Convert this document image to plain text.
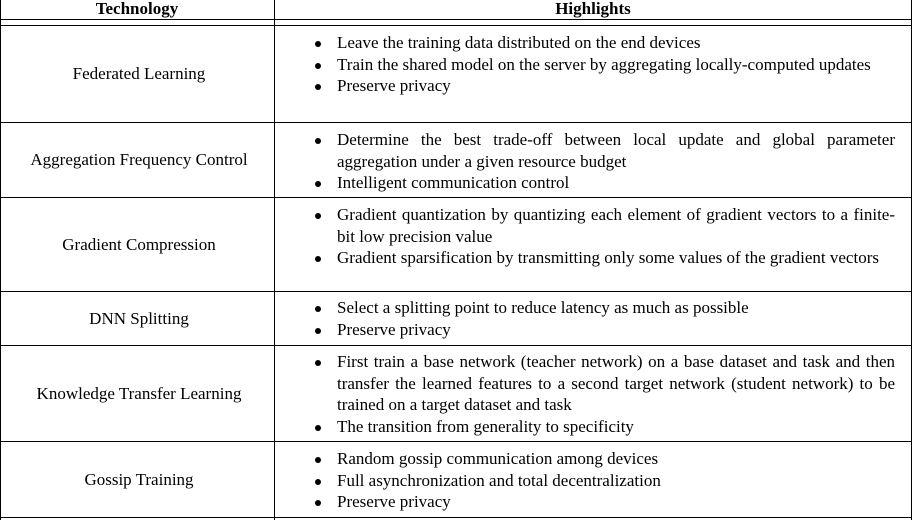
Technology	Highlights
Federated Learning
Leave the training data distributed on the end devices
Train the shared model on the server by aggregating locally-computed updates
Preserve privacy
Aggregation Frequency Control
Determine the best trade-off between local update and global parameter aggregation under a given resource budget
Intelligent communication control
Gradient Compression
Gradient quantization by quantizing each element of gradient vectors to a finite-bit low precision value
Gradient sparsification by transmitting only some values of the gradient vectors
DNN Splitting
Select a splitting point to reduce latency as much as possible
Preserve privacy
Knowledge Transfer Learning
First train a base network (teacher network) on a base dataset and task and then transfer the learned features to a second target network (student network) to be trained on a target dataset and task
The transition from generality to specificity
Gossip Training
Random gossip communication among devices
Full asynchronization and total decentralization
Preserve privacy
